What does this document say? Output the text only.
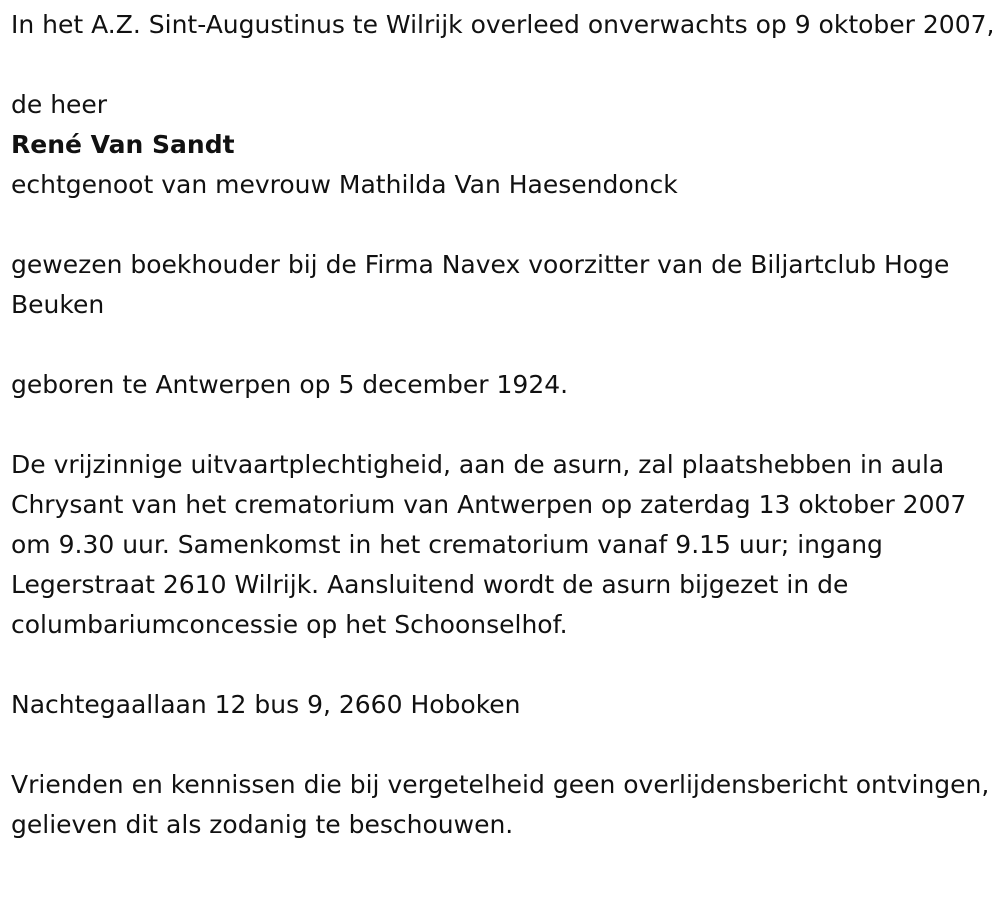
In het A.Z. Sint-Augustinus te Wilrijk overleed onverwachts op 9 oktober 2007,

de heer

René Van Sandt

echtgenoot van mevrouw Mathilda Van Haesendonck

gewezen boekhouder bij de Firma Navex voorzitter van de Biljartclub Hoge Beuken

geboren te Antwerpen op 5 december 1924.

De vrijzinnige uitvaartplechtigheid, aan de asurn, zal plaatshebben in aula Chrysant van het crematorium van Antwerpen op zaterdag 13 oktober 2007 om 9.30 uur. Samenkomst in het crematorium vanaf 9.15 uur; ingang Legerstraat 2610 Wilrijk. Aansluitend wordt de asurn bijgezet in de columbariumconcessie op het Schoonselhof.

Nachtegaallaan 12 bus 9, 2660 Hoboken

Vrienden en kennissen die bij vergetelheid geen overlijdensbericht ontvingen, gelieven dit als zodanig te beschouwen.
